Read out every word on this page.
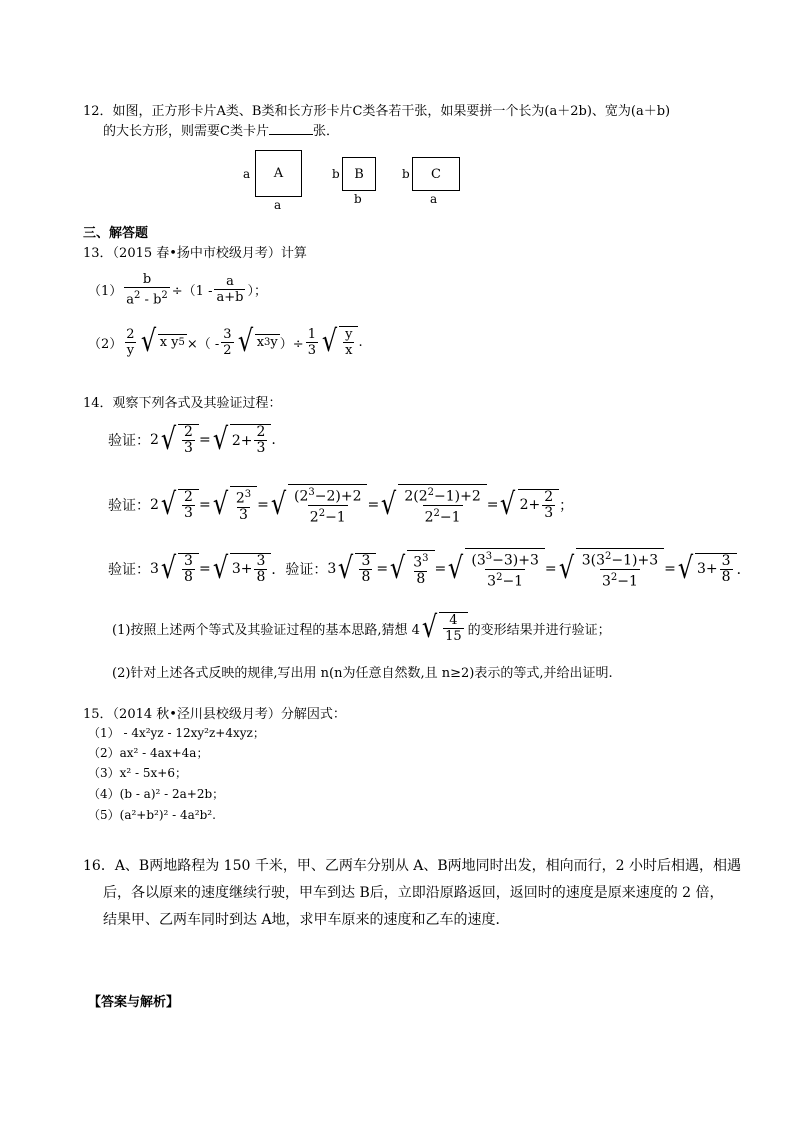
12．如图，正方形卡片A类、B类和长方形卡片C类各若干张，如果要拼一个长为(a＋2b)、宽为(a＋b)
的大长方形，则需要C类卡片	张．
a A
a
b B
b
b C
a
三、解答题
13．（2015 春•扬中市校级月考）计算
$(1) \frac{b}{a^2 - b^2} \div(1 - \frac{a}{a+b}$ ）；
$(2) \frac{2}{y}$ √ x y 5 ×（ - $\frac{3}{2}$ √ x 3 y ）÷ $\frac{1}{3}$ √ $\frac{y}{x}$ .
14．观察下列各式及其验证过程：
验证： 2 √ $\frac{2}{3}$ = √ $2+ \frac{2}{3}$ .
验证： 2 √ $\frac{2}{3}$ = √ $\frac{2^3}{3}$ = √ $\frac{(2^3-2)+2}{2^2-1}$ = √ $\frac{2(2^2-1)+2}{2^2-1}$ = √ $2+ \frac{2}{3}$ ；
验证： 3 √ $\frac{3}{8}$ = √ $3+ \frac{3}{8}$ ． 验证： 3 √ $\frac{3}{8}$ = √ $\frac{3^3}{8}$ = √ $\frac{(3^3-3)+3}{3^2-1}$ = √ $\frac{3(3^2-1)+3}{3^2-1}$ = √ $3+ \frac{3}{8}$ ．
(1)按照上述两个等式及其验证过程的基本思路,猜想 4 √ $\frac{4}{15}$ 的变形结果并进行验证；
(2)针对上述各式反映的规律,写出用 n(n为任意自然数,且 n≥2)表示的等式,并给出证明.
15．（2014 秋•泾川县校级月考）分解因式：
（1） - 4x²yz - 12xy²z+4xyz；
（2）ax² - 4ax+4a；
（3）x² - 5x+6；
（4）(b - a)² - 2a+2b；
（5）(a²+b²)² - 4a²b².
16．A、B两地路程为 150 千米，甲、乙两车分别从 A、B两地同时出发，相向而行，2 小时后相遇，相遇
后，各以原来的速度继续行驶，甲车到达 B后，立即沿原路返回，返回时的速度是原来速度的 2 倍，
结果甲、乙两车同时到达 A地，求甲车原来的速度和乙车的速度．
【答案与解析】
